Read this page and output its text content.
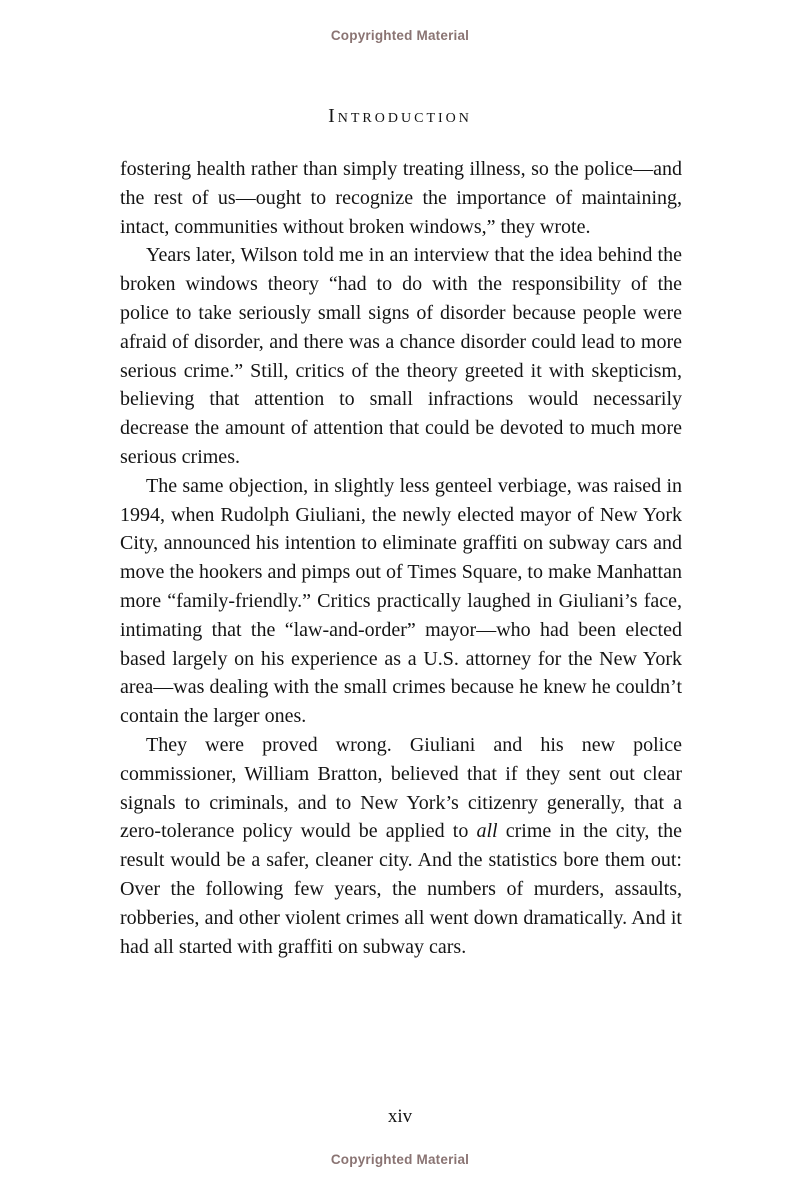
Copyrighted Material
Introduction

fostering health rather than simply treating illness, so the police—and the rest of us—ought to recognize the importance of maintaining, intact, communities without broken windows,” they wrote.

Years later, Wilson told me in an interview that the idea behind the broken windows theory “had to do with the responsibility of the police to take seriously small signs of disorder because people were afraid of disorder, and there was a chance disorder could lead to more serious crime.” Still, critics of the theory greeted it with skepticism, believing that attention to small infractions would necessarily decrease the amount of attention that could be devoted to much more serious crimes.

The same objection, in slightly less genteel verbiage, was raised in 1994, when Rudolph Giuliani, the newly elected mayor of New York City, announced his intention to eliminate graffiti on subway cars and move the hookers and pimps out of Times Square, to make Manhattan more “family-friendly.” Critics practically laughed in Giuliani’s face, intimating that the “law-and-order” mayor—who had been elected based largely on his experience as a U.S. attorney for the New York area—was dealing with the small crimes because he knew he couldn’t contain the larger ones.

They were proved wrong. Giuliani and his new police commissioner, William Bratton, believed that if they sent out clear signals to criminals, and to New York’s citizenry generally, that a zero-tolerance policy would be applied to all crime in the city, the result would be a safer, cleaner city. And the statistics bore them out: Over the following few years, the numbers of murders, assaults, robberies, and other violent crimes all went down dramatically. And it had all started with graffiti on subway cars.

xiv
Copyrighted Material
